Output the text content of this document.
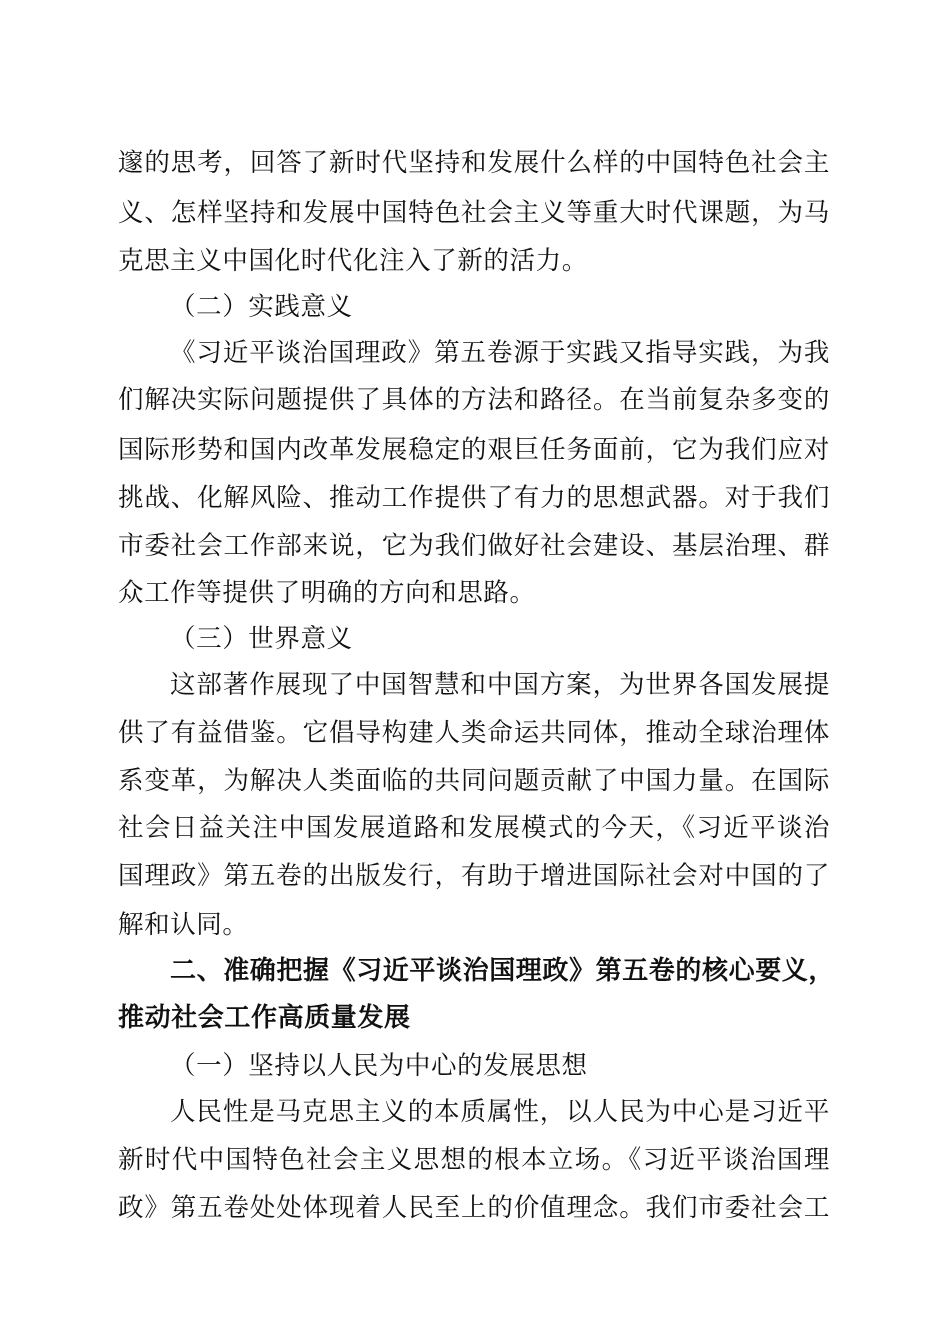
邃的思考，回答了新时代坚持和发展什么样的中国特色社会主
义、怎样坚持和发展中国特色社会主义等重大时代课题，为马
克思主义中国化时代化注入了新的活力。
（二）实践意义
《习近平谈治国理政》第五卷源于实践又指导实践，为我
们解决实际问题提供了具体的方法和路径。在当前复杂多变的
国际形势和国内改革发展稳定的艰巨任务面前，它为我们应对
挑战、化解风险、推动工作提供了有力的思想武器。对于我们
市委社会工作部来说，它为我们做好社会建设、基层治理、群
众工作等提供了明确的方向和思路。
（三）世界意义
这部著作展现了中国智慧和中国方案，为世界各国发展提
供了有益借鉴。它倡导构建人类命运共同体，推动全球治理体
系变革，为解决人类面临的共同问题贡献了中国力量。在国际
社会日益关注中国发展道路和发展模式的今天，《习近平谈治
国理政》第五卷的出版发行，有助于增进国际社会对中国的了
解和认同。
二、准确把握《习近平谈治国理政》第五卷的核心要义，
推动社会工作高质量发展
（一）坚持以人民为中心的发展思想
人民性是马克思主义的本质属性，以人民为中心是习近平
新时代中国特色社会主义思想的根本立场。《习近平谈治国理
政》第五卷处处体现着人民至上的价值理念。我们市委社会工
